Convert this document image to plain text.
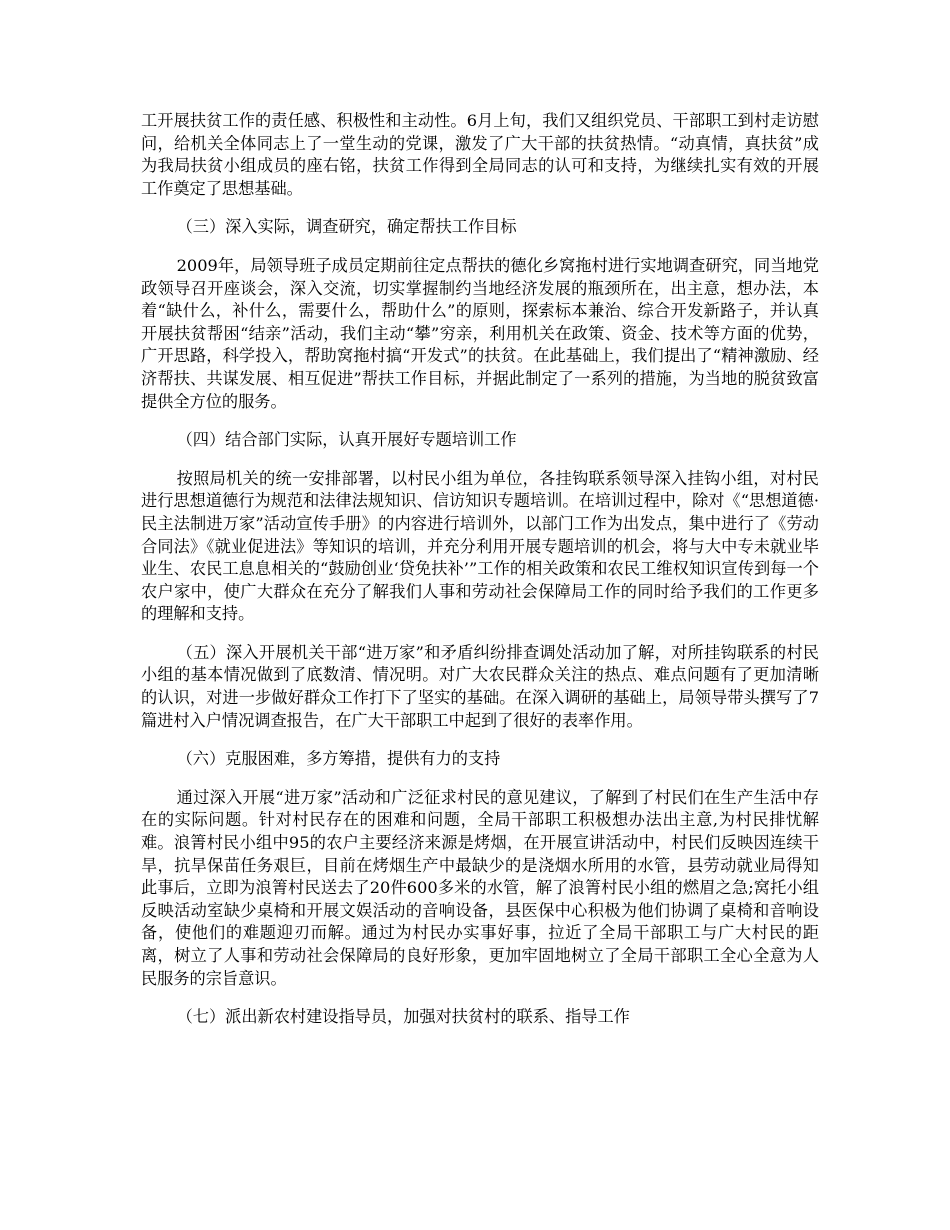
工开展扶贫工作的责任感、积极性和主动性。6月上旬，我们又组织党员、干部职工到村走访慰问，给机关全体同志上了一堂生动的党课，激发了广大干部的扶贫热情。“动真情，真扶贫”成为我局扶贫小组成员的座右铭，扶贫工作得到全局同志的认可和支持，为继续扎实有效的开展工作奠定了思想基础。

（三）深入实际，调查研究，确定帮扶工作目标

2009年，局领导班子成员定期前往定点帮扶的德化乡窝拖村进行实地调查研究，同当地党政领导召开座谈会，深入交流，切实掌握制约当地经济发展的瓶颈所在，出主意，想办法，本着“缺什么，补什么，需要什么，帮助什么”的原则，探索标本兼治、综合开发新路子，并认真开展扶贫帮困“结亲”活动，我们主动“攀”穷亲，利用机关在政策、资金、技术等方面的优势，广开思路，科学投入，帮助窝拖村搞“开发式”的扶贫。在此基础上，我们提出了“精神激励、经济帮扶、共谋发展、相互促进”帮扶工作目标，并据此制定了一系列的措施，为当地的脱贫致富提供全方位的服务。

（四）结合部门实际，认真开展好专题培训工作

按照局机关的统一安排部署，以村民小组为单位，各挂钩联系领导深入挂钩小组，对村民进行思想道德行为规范和法律法规知识、信访知识专题培训。在培训过程中，除对《“思想道德·民主法制进万家”活动宣传手册》的内容进行培训外，以部门工作为出发点，集中进行了《劳动合同法》《就业促进法》等知识的培训，并充分利用开展专题培训的机会，将与大中专未就业毕业生、农民工息息相关的“鼓励创业‘贷免扶补’”工作的相关政策和农民工维权知识宣传到每一个农户家中，使广大群众在充分了解我们人事和劳动社会保障局工作的同时给予我们的工作更多的理解和支持。

（五）深入开展机关干部“进万家”和矛盾纠纷排查调处活动加了解，对所挂钩联系的村民小组的基本情况做到了底数清、情况明。对广大农民群众关注的热点、难点问题有了更加清晰的认识，对进一步做好群众工作打下了坚实的基础。在深入调研的基础上，局领导带头撰写了7篇进村入户情况调查报告，在广大干部职工中起到了很好的表率作用。

（六）克服困难，多方筹措，提供有力的支持

通过深入开展“进万家”活动和广泛征求村民的意见建议，了解到了村民们在生产生活中存在的实际问题。针对村民存在的困难和问题，全局干部职工积极想办法出主意,为村民排忧解难。浪箐村民小组中95的农户主要经济来源是烤烟，在开展宣讲活动中，村民们反映因连续干旱，抗旱保苗任务艰巨，目前在烤烟生产中最缺少的是浇烟水所用的水管，县劳动就业局得知此事后，立即为浪箐村民送去了20件600多米的水管，解了浪箐村民小组的燃眉之急;窝托小组反映活动室缺少桌椅和开展文娱活动的音响设备，县医保中心积极为他们协调了桌椅和音响设备，使他们的难题迎刃而解。通过为村民办实事好事，拉近了全局干部职工与广大村民的距离，树立了人事和劳动社会保障局的良好形象，更加牢固地树立了全局干部职工全心全意为人民服务的宗旨意识。

（七）派出新农村建设指导员，加强对扶贫村的联系、指导工作
